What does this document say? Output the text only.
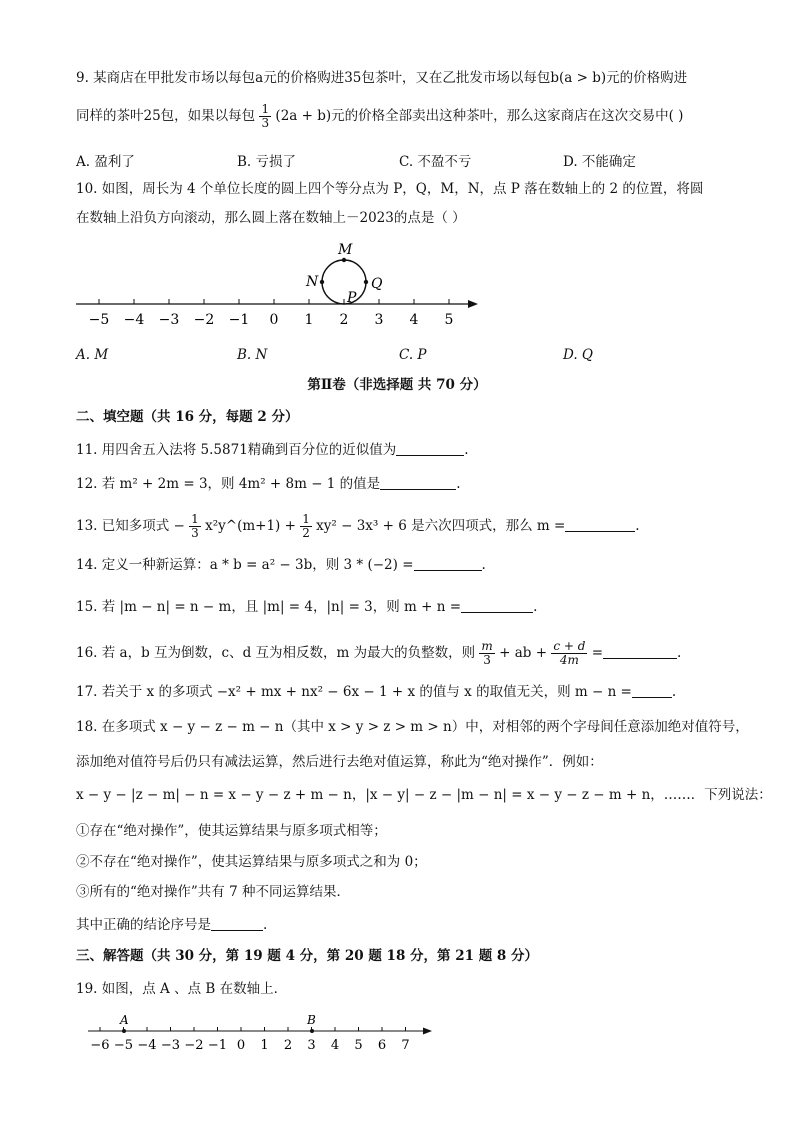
9. 某商店在甲批发市场以每包a元的价格购进35包茶叶，又在乙批发市场以每包b(a > b)元的价格购进
同样的茶叶25包，如果以每包 $\frac{1}{3} (2a + b)$元的价格全部卖出这种茶叶，那么这家商店在这次交易中( )
A. 盈利了	B. 亏损了	C. 不盈不亏	D. 不能确定
10. 如图，周长为 4 个单位长度的圆上四个等分点为 P，Q，M，N，点 P 落在数轴上的 2 的位置，将圆
在数轴上沿负方向滚动，那么圆上落在数轴上－2023的点是（ ）
−5 −4 −3 −2 −1 0 1 2 3 4 5
M
N
P
Q
A. M	B. N	C. P	D. Q
第Ⅱ卷（非选择题 共 70 分）
二、填空题（共 16 分，每题 2 分）
11. 用四舍五入法将 5.5871精确到百分位的近似值为	.
12. 若 m² + 2m = 3，则 4m² + 8m − 1 的值是	.
13. 已知多项式 − $\frac{1}{3}$ x²y^(m+1) + $\frac{1}{2} xy^2 - 3x^3 + 6$ 是六次四项式，那么 m =	.
14. 定义一种新运算：a * b = a² − 3b，则 3 * (−2) =	.
15. 若 |m − n| = n − m，且 |m| = 4，|n| = 3，则 m + n =	.
16. 若 a，b 互为倒数，c、d 互为相反数，m 为最大的负整数，则 $\frac{m}{3}$ + ab + $\frac{c + d}{4m}$ =	.
17. 若关于 x 的多项式 −x² + mx + nx² − 6x − 1 + x 的值与 x 的取值无关，则 m − n =	.
18. 在多项式 x − y − z − m − n（其中 x > y > z > m > n）中，对相邻的两个字母间任意添加绝对值符号，
添加绝对值符号后仍只有减法运算，然后进行去绝对值运算，称此为“绝对操作”．例如：
x − y − |z − m| − n = x − y − z + m − n，|x − y| − z − |m − n| = x − y − z − m + n，……．下列说法：
①存在“绝对操作”，使其运算结果与原多项式相等；
②不存在“绝对操作”，使其运算结果与原多项式之和为 0；
③所有的“绝对操作”共有 7 种不同运算结果．
其中正确的结论序号是	.
三、解答题（共 30 分，第 19 题 4 分，第 20 题 18 分，第 21 题 8 分）
19. 如图，点 A 、点 B 在数轴上．
−6 −5 −4 −3 −2 −1 0 1 2 3 4 5 6 7
A	B
